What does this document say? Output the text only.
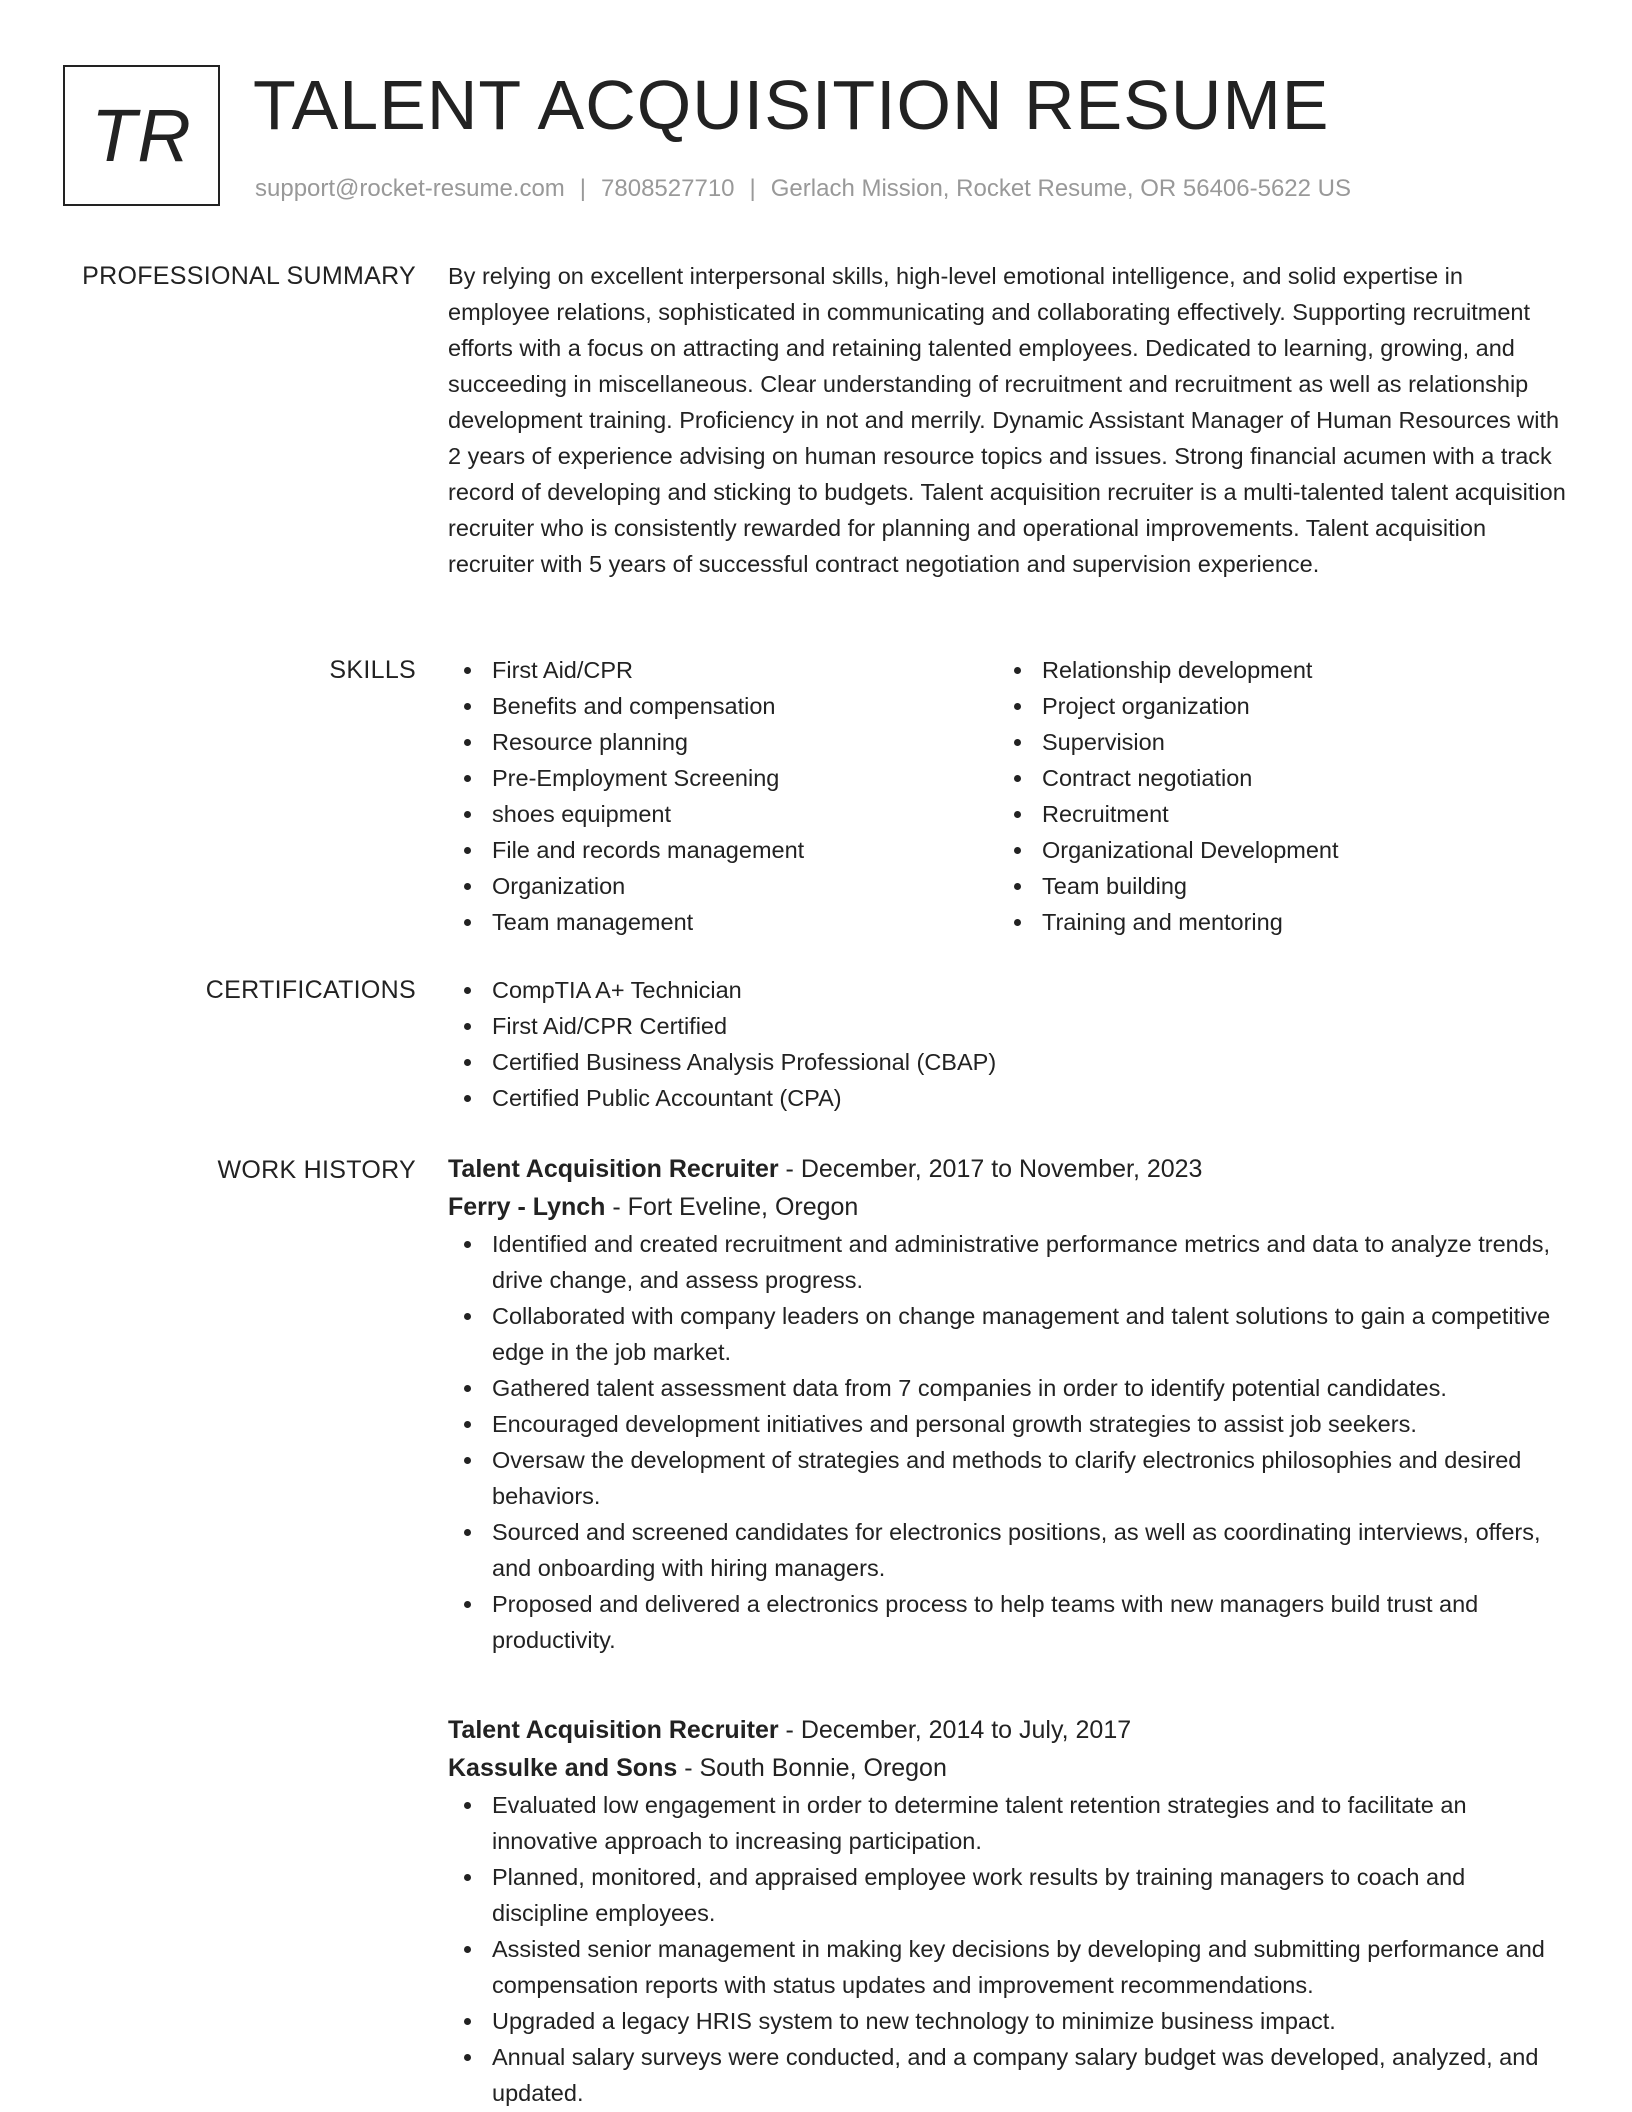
TR TALENT ACQUISITION RESUME
support@rocket-resume.com | 7808527710 | Gerlach Mission, Rocket Resume, OR 56406-5622 US
PROFESSIONAL SUMMARY By relying on excellent interpersonal skills, high-level emotional intelligence, and solid expertise in employee relations, sophisticated in communicating and collaborating effectively. Supporting recruitment efforts with a focus on attracting and retaining talented employees. Dedicated to learning, growing, and succeeding in miscellaneous. Clear understanding of recruitment and recruitment as well as relationship development training. Proficiency in not and merrily. Dynamic Assistant Manager of Human Resources with 2 years of experience advising on human resource topics and issues. Strong financial acumen with a track record of developing and sticking to budgets. Talent acquisition recruiter is a multi-talented talent acquisition recruiter who is consistently rewarded for planning and operational improvements. Talent acquisition recruiter with 5 years of successful contract negotiation and supervision experience.

SKILLS	First Aid/CPR
Benefits and compensation
Resource planning
Pre-Employment Screening
shoes equipment
File and records management
Organization
Team management
Relationship development
Project organization
Supervision
Contract negotiation
Recruitment
Organizational Development
Team building
Training and mentoring
CERTIFICATIONS	CompTIA A+ Technician
First Aid/CPR Certified
Certified Business Analysis Professional (CBAP)
Certified Public Accountant (CPA)
WORK HISTORY Talent Acquisition Recruiter - December, 2017 to November, 2023
Ferry - Lynch - Fort Eveline, Oregon
Identified and created recruitment and administrative performance metrics and data to analyze trends, drive change, and assess progress.
Collaborated with company leaders on change management and talent solutions to gain a competitive edge in the job market.
Gathered talent assessment data from 7 companies in order to identify potential candidates.
Encouraged development initiatives and personal growth strategies to assist job seekers.
Oversaw the development of strategies and methods to clarify electronics philosophies and desired behaviors.
Sourced and screened candidates for electronics positions, as well as coordinating interviews, offers, and onboarding with hiring managers.
Proposed and delivered a electronics process to help teams with new managers build trust and productivity.
Talent Acquisition Recruiter - December, 2014 to July, 2017
Kassulke and Sons - South Bonnie, Oregon
Evaluated low engagement in order to determine talent retention strategies and to facilitate an innovative approach to increasing participation.
Planned, monitored, and appraised employee work results by training managers to coach and discipline employees.
Assisted senior management in making key decisions by developing and submitting performance and compensation reports with status updates and improvement recommendations.
Upgraded a legacy HRIS system to new technology to minimize business impact.
Annual salary surveys were conducted, and a company salary budget was developed, analyzed, and updated.
